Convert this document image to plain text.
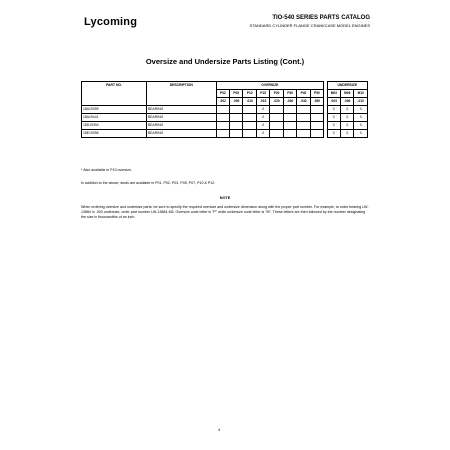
Lycoming	TIO-540 SERIES PARTS CATALOG
STANDARD CYLINDER FLANGE CRANKCASE MODEL ENGINES
Oversize and Undersize Parts Listing (Cont.)
PART NO.	DESCRIPTION	OVERSIZE									UNDERSIZE		
		P02	P05	P10	P15	P20	P30	P40	P50		M03	M06	M10
		.002	.005	.010	.015	.020	.030	.040	.050		.003	.006	.010
18A19399	BEARING				X						X	X	X
18A19441	BEARING				X						X	X	X
18D19394	BEARING				X						X	X	X
18E19396	BEARING				X						X	X	X
* Also available in P10 oversize.
In addition to the above, studs are available in P01, P02, P03, P05, P07, P10 & P12.
NOTE
When ordering oversize and undersize parts, be sure to specify the required oversize and undersize dimension along with the proper part number. For example, to order bearing LW-13884 in .003 undersize, order part number LW-13884-M3. Oversize code letter is "P" while undersize code letter is "M". These letters are then followed by the number designating the size in thousandths of an inch.
4
